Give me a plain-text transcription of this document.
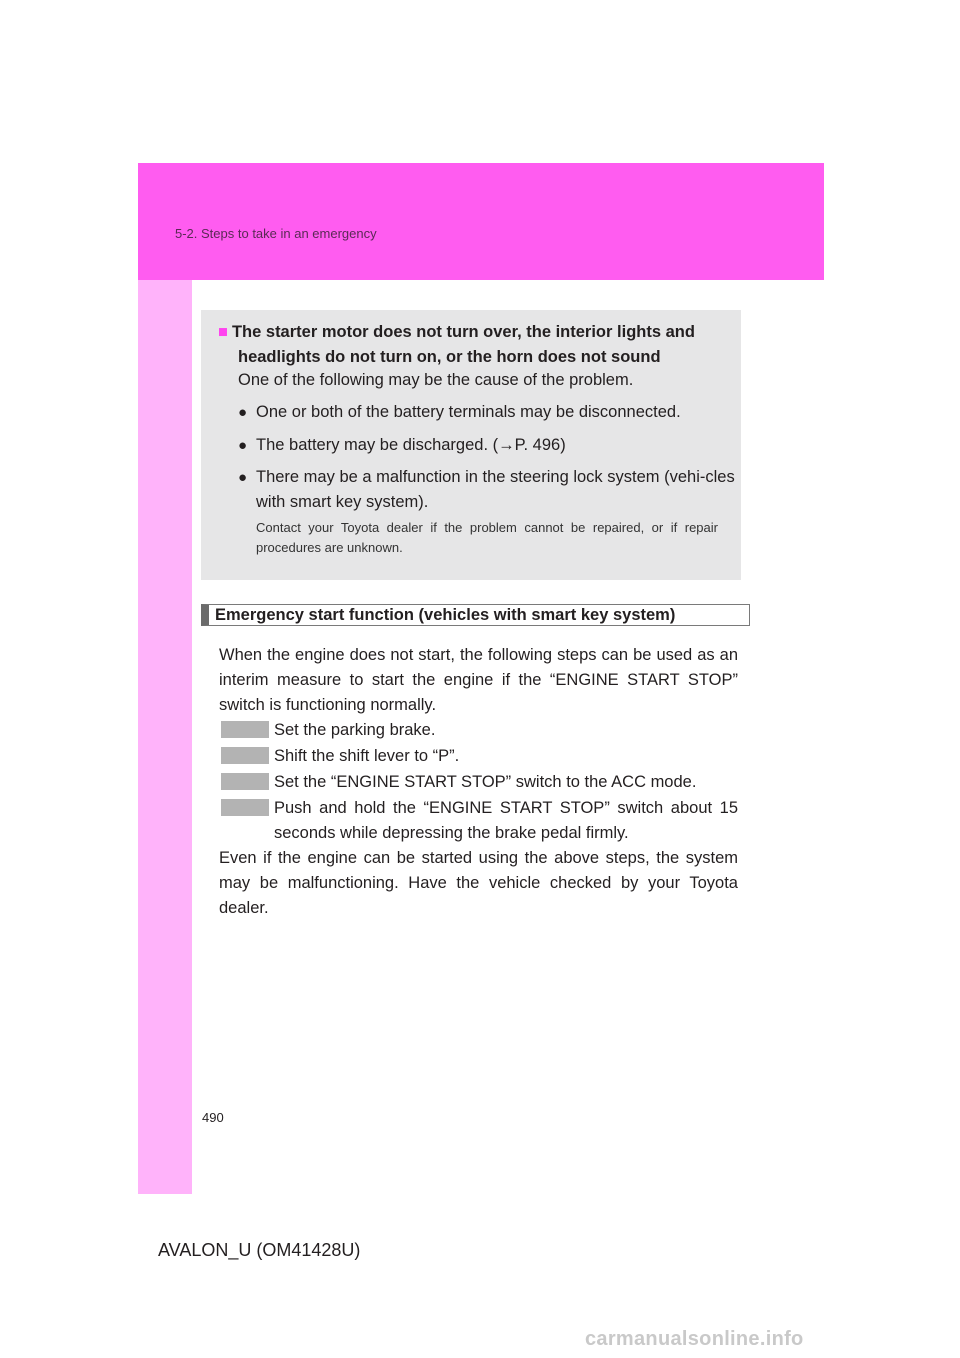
5-2. Steps to take in an emergency
■ The starter motor does not turn over, the interior lights and
headlights do not turn on, or the horn does not sound
One of the following may be the cause of the problem.
● One or both of the battery terminals may be disconnected.
● The battery may be discharged. (→P. 496)
● There may be a malfunction in the steering lock system (vehi-cles with smart key system).
Contact your Toyota dealer if the problem cannot be repaired, or if repair procedures are unknown.
Emergency start function (vehicles with smart key system)
When the engine does not start, the following steps can be used as an interim measure to start the engine if the “ENGINE START STOP” switch is functioning normally.
Set the parking brake.
Shift the shift lever to “P”.
Set the “ENGINE START STOP” switch to the ACC mode.
Push and hold the “ENGINE START STOP” switch about 15 seconds while depressing the brake pedal firmly.
Even if the engine can be started using the above steps, the system may be malfunctioning. Have the vehicle checked by your Toyota dealer.
490
AVALON_U (OM41428U)
carmanualsonline.info
